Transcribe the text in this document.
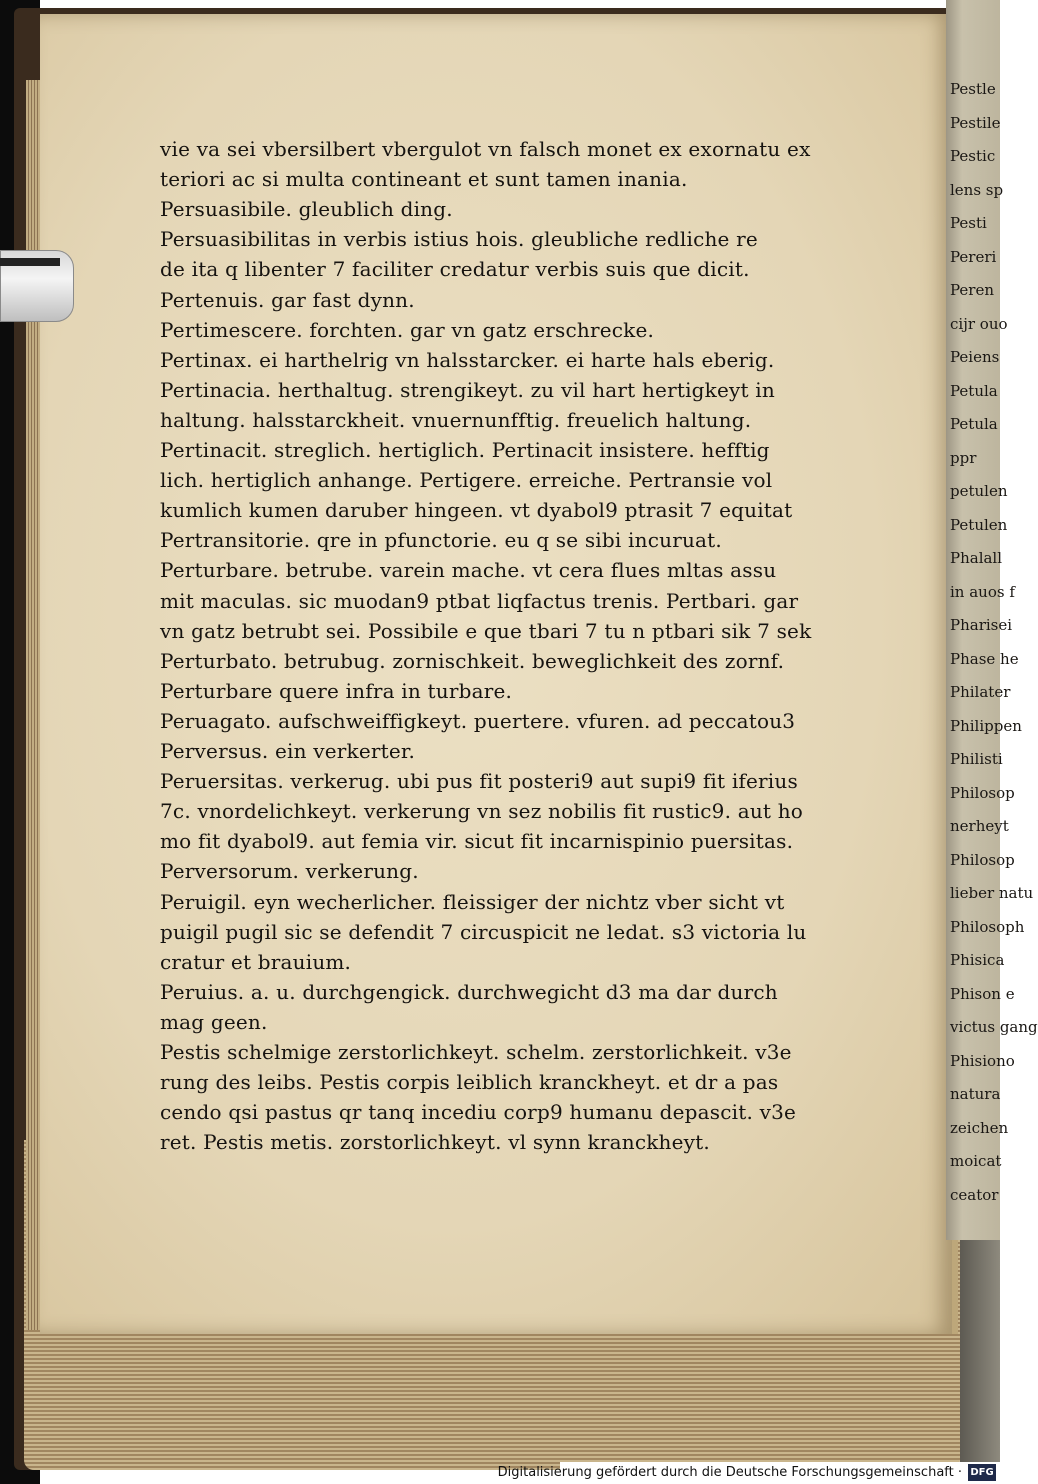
Pestle
Pestile
Pestic
lens sp
Pesti
Pereri
Peren
cijr ouo
Peiens
Petula
Petula
ppr
petulen
Petulen
Phalall
in auos f
Pharisei
Phase he
Philater
Philippen
Philisti
Philosop
nerheyt
Philosop
lieber natu
Philosoph
Phisica
Phison e
victus gang
Phisiono
natura
zeichen
moicat
ceator
vie va sei vbersilbert vbergulot vn falsch monet ex exornatu ex
teriori ac si multa contineant et sunt tamen inania.
Persuasibile. gleublich ding.
Persuasibilitas in verbis istius hois. gleubliche redliche re
de ita q libenter 7 faciliter credatur verbis suis que dicit.
Pertenuis. gar fast dynn.
Pertimescere. forchten. gar vn gatz erschrecke.
Pertinax. ei harthelrig vn halsstarcker. ei harte hals eberig.
Pertinacia. herthaltug. strengikeyt. zu vil hart hertigkeyt in
haltung. halsstarckheit. vnuernunfftig. freuelich haltung.
Pertinacit. streglich. hertiglich. Pertinacit insistere. hefftig
lich. hertiglich anhange. Pertigere. erreiche. Pertransie vol
kumlich kumen daruber hingeen. vt dyabol9 ptrasit 7 equitat
Pertransitorie. qre in pfunctorie. eu q se sibi incuruat.
Perturbare. betrube. varein mache. vt cera flues mltas assu
mit maculas. sic muodan9 ptbat liqfactus trenis. Pertbari. gar
vn gatz betrubt sei. Possibile e que tbari 7 tu n ptbari sik 7 sek
Perturbato. betrubug. zornischkeit. beweglichkeit des zornf.
Perturbare quere infra in turbare.
Peruagato. aufschweiffigkeyt. puertere. vfuren. ad peccatou3
Perversus. ein verkerter.
Peruersitas. verkerug. ubi pus fit posteri9 aut supi9 fit iferius
7c. vnordelichkeyt. verkerung vn sez nobilis fit rustic9. aut ho
mo fit dyabol9. aut femia vir. sicut fit incarnispinio puersitas.
Perversorum. verkerung.
Peruigil. eyn wecherlicher. fleissiger der nichtz vber sicht vt
puigil pugil sic se defendit 7 circuspicit ne ledat. s3 victoria lu
cratur et brauium.
Peruius. a. u. durchgengick. durchwegicht d3 ma dar durch
mag geen.
Pestis schelmige zerstorlichkeyt. schelm. zerstorlichkeit. v3e
rung des leibs. Pestis corpis leiblich kranckheyt. et dr a pas
cendo qsi pastus qr tanq incediu corp9 humanu depascit. v3e
ret. Pestis metis. zorstorlichkeyt. vl synn kranckheyt.
Digitalisierung gefördert durch die Deutsche Forschungsgemeinschaft · DFG
